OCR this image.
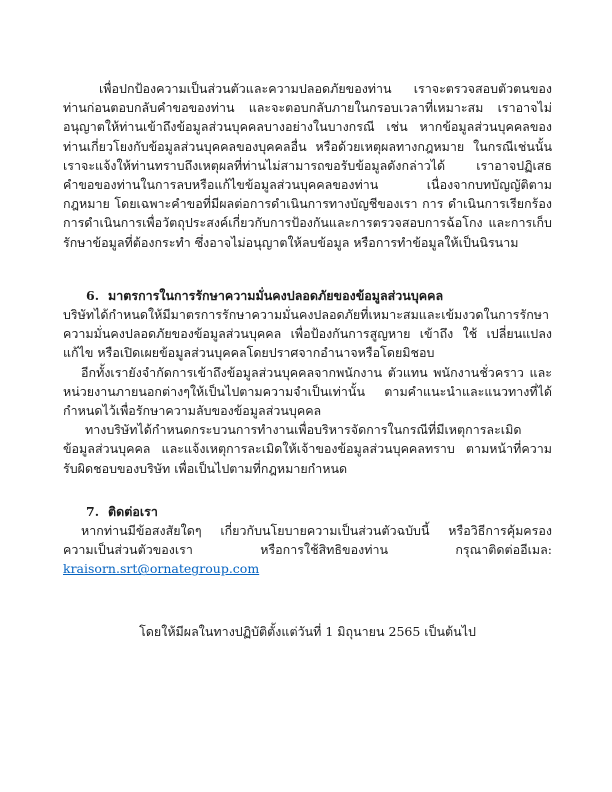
เพื่อปกป้องความเป็นส่วนตัวและความปลอดภัยของท่าน เราจะตรวจสอบตัวตนของท่านก่อนตอบกลับคำขอของท่าน และจะตอบกลับภายในกรอบเวลาที่เหมาะสม เราอาจไม่อนุญาตให้ท่านเข้าถึงข้อมูลส่วนบุคคลบางอย่างในบางกรณี เช่น หากข้อมูลส่วนบุคคลของท่านเกี่ยวโยงกับข้อมูลส่วนบุคคลของบุคคลอื่น หรือด้วยเหตุผลทางกฎหมาย ในกรณีเช่นนั้น เราจะแจ้งให้ท่านทราบถึงเหตุผลที่ท่านไม่สามารถขอรับข้อมูลดังกล่าวได้ เราอาจปฏิเสธคำขอของท่านในการลบหรือแก้ไขข้อมูลส่วนบุคคลของท่าน เนื่องจากบทบัญญัติตามกฎหมาย โดยเฉพาะคำขอที่มีผลต่อการดำเนินการทางบัญชีของเรา การ ดำเนินการเรียกร้อง การดำเนินการเพื่อวัตถุประสงค์เกี่ยวกับการป้องกันและการตรวจสอบการฉ้อโกง และการเก็บรักษาข้อมูลที่ต้องกระทำ ซึ่งอาจไม่อนุญาตให้ลบข้อมูล หรือการทำข้อมูลให้เป็นนิรนาม

6. มาตรการในการรักษาความมั่นคงปลอดภัยของข้อมูลส่วนบุคคล

บริษัทได้กำหนดให้มีมาตรการรักษาความมั่นคงปลอดภัยที่เหมาะสมและเข้มงวดในการรักษาความมั่นคงปลอดภัยของข้อมูลส่วนบุคคล เพื่อป้องกันการสูญหาย เข้าถึง ใช้ เปลี่ยนแปลง แก้ไข หรือเปิดเผยข้อมูลส่วนบุคคลโดยปราศจากอำนาจหรือโดยมิชอบ

อีกทั้งเรายังจำกัดการเข้าถึงข้อมูลส่วนบุคคลจากพนักงาน ตัวแทน พนักงานชั่วคราว และหน่วยงานภายนอกต่างๆให้เป็นไปตามความจำเป็นเท่านั้น ตามคำแนะนำและแนวทางที่ได้กำหนดไว้เพื่อรักษาความลับของข้อมูลส่วนบุคคล

ทางบริษัทได้กำหนดกระบวนการทำงานเพื่อบริหารจัดการในกรณีที่มีเหตุการละเมิดข้อมูลส่วนบุคคล และแจ้งเหตุการละเมิดให้เจ้าของข้อมูลส่วนบุคคลทราบ ตามหน้าที่ความรับผิดชอบของบริษัท เพื่อเป็นไปตามที่กฎหมายกำหนด

7. ติดต่อเรา

หากท่านมีข้อสงสัยใดๆ เกี่ยวกับนโยบายความเป็นส่วนตัวฉบับนี้ หรือวิธีการคุ้มครองความเป็นส่วนตัวของเรา หรือการใช้สิทธิของท่าน กรุณาติดต่ออีเมล: kraisorn.srt@ornategroup.com

โดยให้มีผลในทางปฏิบัติตั้งแต่วันที่ 1 มิถุนายน 2565 เป็นต้นไป
